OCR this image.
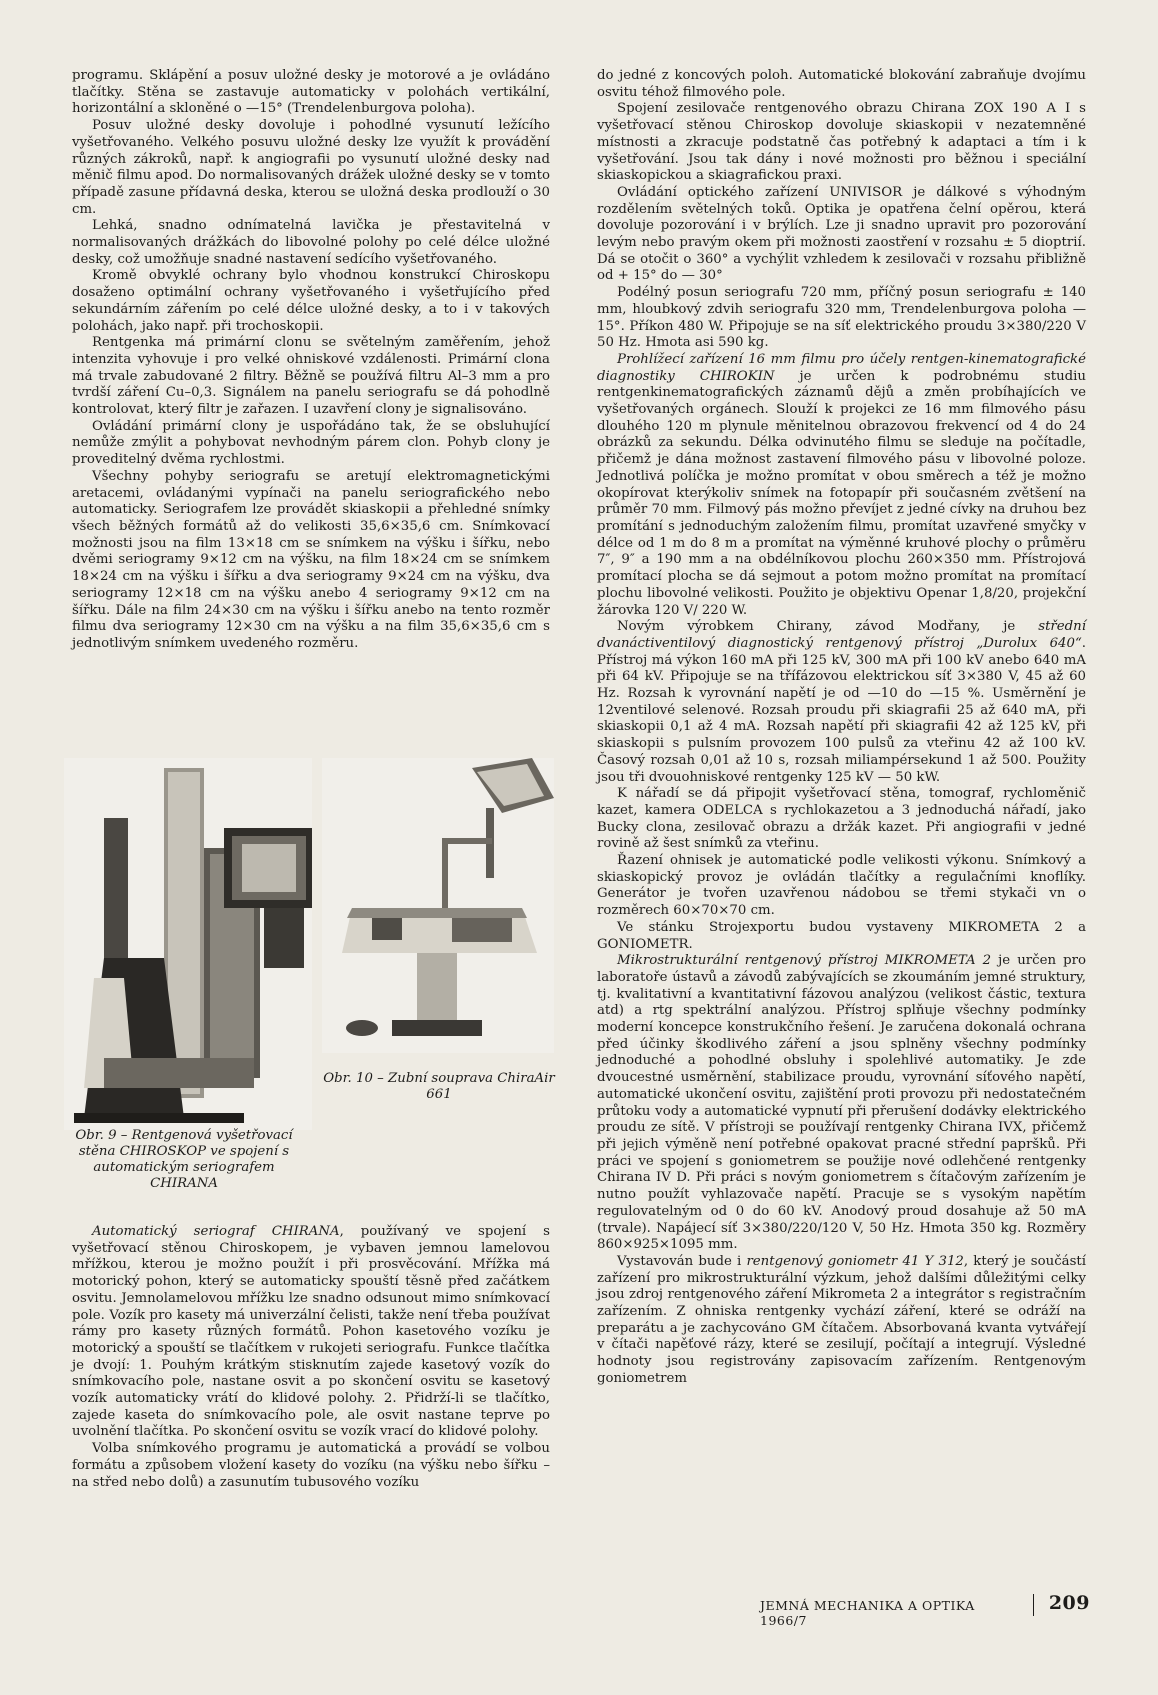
programu. Sklápění a posuv uložné desky je motorové a je ovládáno tlačítky. Stěna se zastavuje automaticky v polohách vertikální, horizontální a skloněné o —15° (Trendelenburgova poloha).

Posuv uložné desky dovoluje i pohodlné vysunutí ležícího vyšetřovaného. Velkého posuvu uložné desky lze využít k provádění různých zákroků, např. k angiografii po vysunutí uložné desky nad měnič filmu apod. Do normalisovaných drážek uložné desky se v tomto případě zasune přídavná deska, kterou se uložná deska prodlouží o 30 cm.

Lehká, snadno odnímatelná lavička je přestavitelná v normalisovaných drážkách do libovolné polohy po celé délce uložné desky, což umožňuje snadné nastavení sedícího vyšetřovaného.

Kromě obvyklé ochrany bylo vhodnou konstrukcí Chiroskopu dosaženo optimální ochrany vyšetřovaného i vyšetřujícího před sekundárním zářením po celé délce uložné desky, a to i v takových polohách, jako např. při trochoskopii.

Rentgenka má primární clonu se světelným zaměřením, jehož intenzita vyhovuje i pro velké ohniskové vzdálenosti. Primární clona má trvale zabudované 2 filtry. Běžně se používá filtru Al–3 mm a pro tvrdší záření Cu–0,3. Signálem na panelu seriografu se dá pohodlně kontrolovat, který filtr je zařazen. I uzavření clony je signalisováno.

Ovládání primární clony je uspořádáno tak, že se obsluhující nemůže zmýlit a pohybovat nevhodným párem clon. Pohyb clony je proveditelný dvěma rychlostmi.

Všechny pohyby seriografu se aretují elektromagnetickými aretacemi, ovládanými vypínači na panelu seriografického nebo automaticky. Seriografem lze provádět skiaskopii a přehledné snímky všech běžných formátů až do velikosti 35,6×35,6 cm. Snímkovací možnosti jsou na film 13×18 cm se snímkem na výšku i šířku, nebo dvěmi seriogramy 9×12 cm na výšku, na film 18×24 cm se snímkem 18×24 cm na výšku i šířku a dva seriogramy 9×24 cm na výšku, dva seriogramy 12×18 cm na výšku anebo 4 seriogramy 9×12 cm na šířku. Dále na film 24×30 cm na výšku i šířku anebo na tento rozměr filmu dva seriogramy 12×30 cm na výšku a na film 35,6×35,6 cm s jednotlivým snímkem uvedeného rozměru.

Obr. 9 – Rentgenová vyšetřovací stěna CHIROSKOP ve spojení s automatickým seriografem CHIRANA
Obr. 10 – Zubní souprava ChiraAir 661

Automatický seriograf CHIRANA, používaný ve spojení s vyšetřovací stěnou Chiroskopem, je vybaven jemnou lamelovou mřížkou, kterou je možno použít i při prosvěcování. Mřížka má motorický pohon, který se automaticky spouští těsně před začátkem osvitu. Jemnolamelovou mřížku lze snadno odsunout mimo snímkovací pole. Vozík pro kasety má univerzální čelisti, takže není třeba používat rámy pro kasety různých formátů. Pohon kasetového vozíku je motorický a spouští se tlačítkem v rukojeti seriografu. Funkce tlačítka je dvojí: 1. Pouhým krátkým stisknutím zajede kasetový vozík do snímkovacího pole, nastane osvit a po skončení osvitu se kasetový vozík automaticky vrátí do klidové polohy. 2. Přidrží-li se tlačítko, zajede kaseta do snímkovacího pole, ale osvit nastane teprve po uvolnění tlačítka. Po skončení osvitu se vozík vrací do klidové polohy.

Volba snímkového programu je automatická a provádí se volbou formátu a způsobem vložení kasety do vozíku (na výšku nebo šířku – na střed nebo dolů) a zasunutím tubusového vozíku

do jedné z koncových poloh. Automatické blokování zabraňuje dvojímu osvitu téhož filmového pole.

Spojení zesilovače rentgenového obrazu Chirana ZOX 190 A I s vyšetřovací stěnou Chiroskop dovoluje skiaskopii v nezatemněné místnosti a zkracuje podstatně čas potřebný k adaptaci a tím i k vyšetřování. Jsou tak dány i nové možnosti pro běžnou i speciální skiaskopickou a skiagrafickou praxi.

Ovládání optického zařízení UNIVISOR je dálkové s výhodným rozdělením světelných toků. Optika je opatřena čelní opěrou, která dovoluje pozorování i v brýlích. Lze ji snadno upravit pro pozorování levým nebo pravým okem při možnosti zaostření v rozsahu ± 5 dioptrií. Dá se otočit o 360° a vychýlit vzhledem k zesilovači v rozsahu přibližně od + 15° do — 30°

Podélný posun seriografu 720 mm, příčný posun seriografu ± 140 mm, hloubkový zdvih seriografu 320 mm, Trendelenburgova poloha —15°. Příkon 480 W. Připojuje se na síť elektrického proudu 3×380/220 V 50 Hz. Hmota asi 590 kg.

Prohlížecí zařízení 16 mm filmu pro účely rentgen-kinematografické diagnostiky CHIROKIN je určen k podrobnému studiu rentgenkinematografických záznamů dějů a změn probíhajících ve vyšetřovaných orgánech. Slouží k projekci ze 16 mm filmového pásu dlouhého 120 m plynule měnitelnou obrazovou frekvencí od 4 do 24 obrázků za sekundu. Délka odvinutého filmu se sleduje na počítadle, přičemž je dána možnost zastavení filmového pásu v libovolné poloze. Jednotlivá políčka je možno promítat v obou směrech a též je možno okopírovat kterýkoliv snímek na fotopapír při současném zvětšení na průměr 70 mm. Filmový pás možno převíjet z jedné cívky na druhou bez promítání s jednoduchým založením filmu, promítat uzavřené smyčky v délce od 1 m do 8 m a promítat na výměnné kruhové plochy o průměru 7″, 9″ a 190 mm a na obdélníkovou plochu 260×350 mm. Přístrojová promítací plocha se dá sejmout a potom možno promítat na promítací plochu libovolné velikosti. Použito je objektivu Openar 1,8/20, projekční žárovka 120 V/ 220 W.

Novým výrobkem Chirany, závod Modřany, je střední dvanáctiventilový diagnostický rentgenový přístroj „Durolux 640“. Přístroj má výkon 160 mA při 125 kV, 300 mA při 100 kV anebo 640 mA při 64 kV. Připojuje se na třífázovou elektrickou síť 3×380 V, 45 až 60 Hz. Rozsah k vyrovnání napětí je od —10 do —15 %. Usměrnění je 12ventilové selenové. Rozsah proudu při skiagrafii 25 až 640 mA, při skiaskopii 0,1 až 4 mA. Rozsah napětí při skiagrafii 42 až 125 kV, při skiaskopii s pulsním provozem 100 pulsů za vteřinu 42 až 100 kV. Časový rozsah 0,01 až 10 s, rozsah miliampérsekund 1 až 500. Použity jsou tři dvouohniskové rentgenky 125 kV — 50 kW.

K nářadí se dá připojit vyšetřovací stěna, tomograf, rychloměnič kazet, kamera ODELCA s rychlokazetou a 3 jednoduchá nářadí, jako Bucky clona, zesilovač obrazu a držák kazet. Při angiografii v jedné rovině až šest snímků za vteřinu.

Řazení ohnisek je automatické podle velikosti výkonu. Snímkový a skiaskopický provoz je ovládán tlačítky a regulačními knoflíky. Generátor je tvořen uzavřenou nádobou se třemi stykači vn o rozměrech 60×70×70 cm.

Ve stánku Strojexportu budou vystaveny MIKROMETA 2 a GONIOMETR.

Mikrostrukturální rentgenový přístroj MIKROMETA 2 je určen pro laboratoře ústavů a závodů zabývajících se zkoumáním jemné struktury, tj. kvalitativní a kvantitativní fázovou analýzou (velikost částic, textura atd) a rtg spektrální analýzou. Přístroj splňuje všechny podmínky moderní koncepce konstrukčního řešení. Je zaručena dokonalá ochrana před účinky škodlivého záření a jsou splněny všechny podmínky jednoduché a pohodlné obsluhy i spolehlivé automatiky. Je zde dvoucestné usměrnění, stabilizace proudu, vyrovnání síťového napětí, automatické ukončení osvitu, zajištění proti provozu při nedostatečném průtoku vody a automatické vypnutí při přerušení dodávky elektrického proudu ze sítě. V přístroji se používají rentgenky Chirana IVX, přičemž při jejich výměně není potřebné opakovat pracné střední papršků. Při práci ve spojení s goniometrem se použije nové odlehčené rentgenky Chirana IV D. Při práci s novým goniometrem s čítačovým zařízením je nutno použít vyhlazovače napětí. Pracuje se s vysokým napětím regulovatelným od 0 do 60 kV. Anodový proud dosahuje až 50 mA (trvale). Napájecí síť 3×380/220/120 V, 50 Hz. Hmota 350 kg. Rozměry 860×925×1095 mm.

Vystavován bude i rentgenový goniometr 41 Y 312, který je součástí zařízení pro mikrostrukturální výzkum, jehož dalšími důležitými celky jsou zdroj rentgenového záření Mikrometa 2 a integrátor s registračním zařízením. Z ohniska rentgenky vychází záření, které se odráží na preparátu a je zachycováno GM čítačem. Absorbovaná kvanta vytvářejí v čítači napěťové rázy, které se zesilují, počítají a integrují. Výsledné hodnoty jsou registrovány zapisovacím zařízením. Rentgenovým goniometrem

JEMNÁ MECHANIKA A OPTIKA 1966/7
209
